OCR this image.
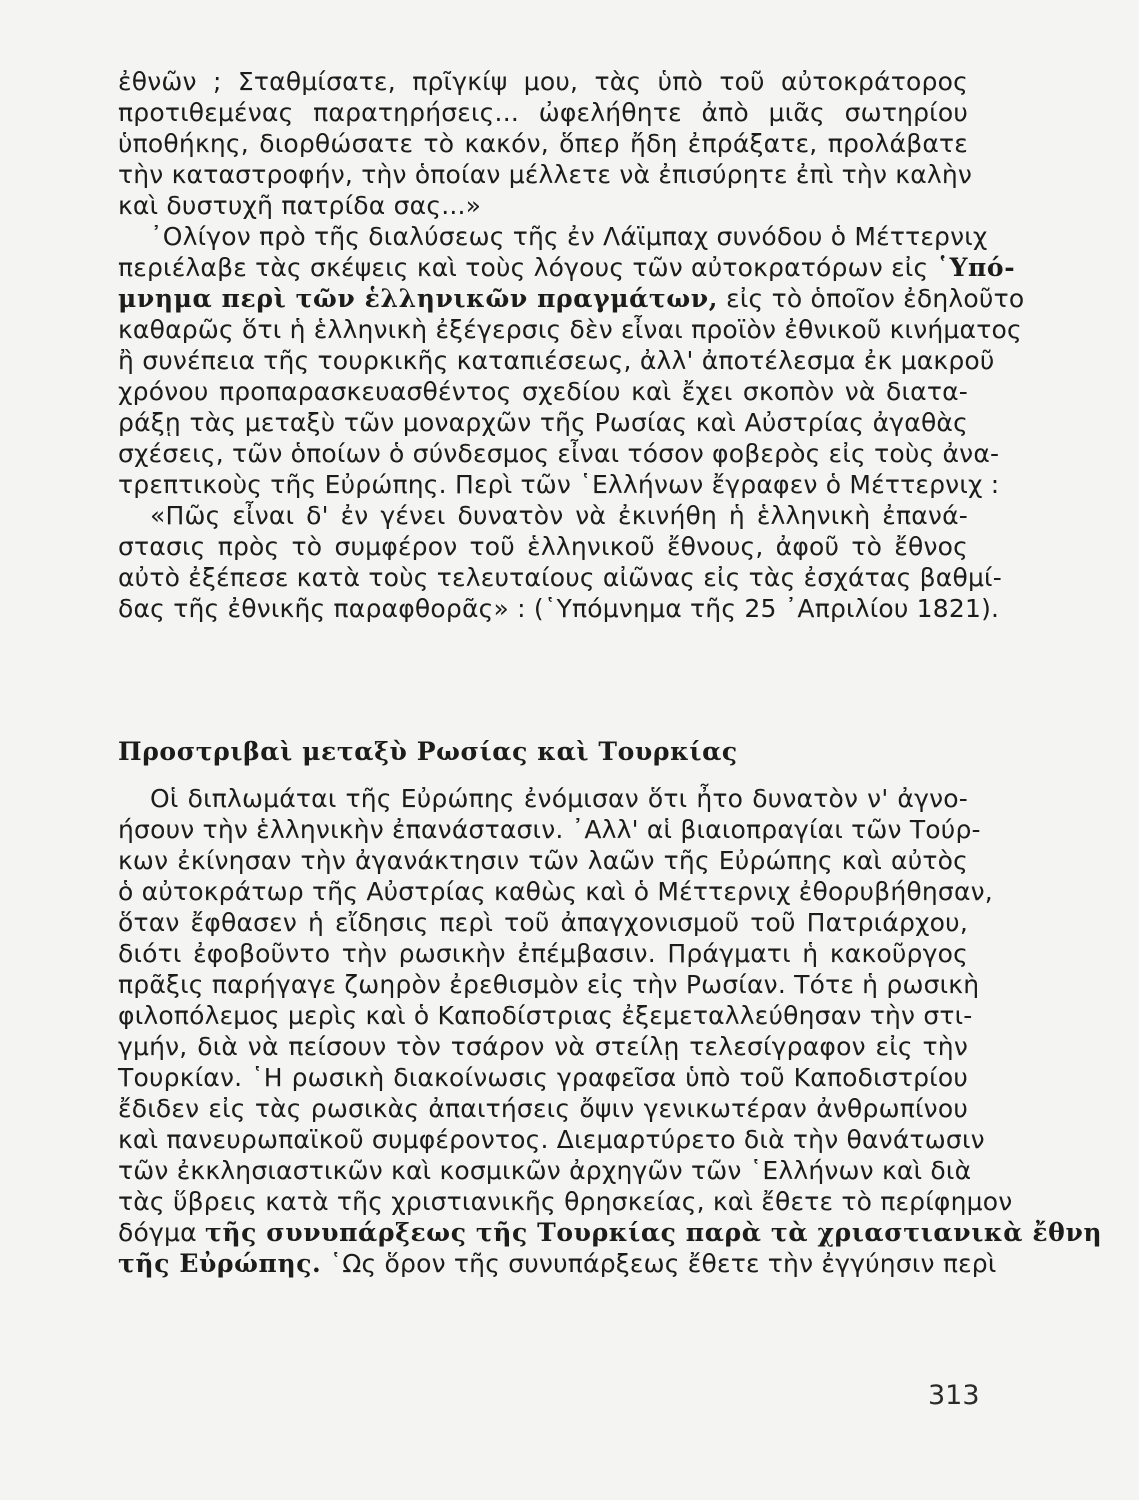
ἐθνῶν ; Σταθμίσατε, πρῖγκίψ μου, τὰς ὑπὸ τοῦ αὐτοκράτορος
προτιθεμένας παρατηρήσεις... ὠφελήθητε ἀπὸ μιᾶς σωτηρίου
ὑποθήκης, διορθώσατε τὸ κακόν, ὅπερ ἤδη ἐπράξατε, προλάβατε
τὴν καταστροφήν, τὴν ὁποίαν μέλλετε νὰ ἐπισύρητε ἐπὶ τὴν καλὴν
καὶ δυστυχῆ πατρίδα σας...»
᾿Ολίγον πρὸ τῆς διαλύσεως τῆς ἐν Λάϊμπαχ συνόδου ὁ Μέττερνιχ
περιέλαβε τὰς σκέψεις καὶ τοὺς λόγους τῶν αὐτοκρατόρων εἰς ῾Υπό-
μνημα περὶ τῶν ἑλληνικῶν πραγμάτων, εἰς τὸ ὁποῖον ἐδηλοῦτο
καθαρῶς ὅτι ἡ ἑλληνικὴ ἐξέγερσις δὲν εἶναι προϊὸν ἐθνικοῦ κινήματος
ἢ συνέπεια τῆς τουρκικῆς καταπιέσεως, ἀλλ' ἀποτέλεσμα ἐκ μακροῦ
χρόνου προπαρασκευασθέντος σχεδίου καὶ ἔχει σκοπὸν νὰ διατα-
ράξῃ τὰς μεταξὺ τῶν μοναρχῶν τῆς Ρωσίας καὶ Αὐστρίας ἀγαθὰς
σχέσεις, τῶν ὁποίων ὁ σύνδεσμος εἶναι τόσον φοβερὸς εἰς τοὺς ἀνα-
τρεπτικοὺς τῆς Εὐρώπης. Περὶ τῶν ῾Ελλήνων ἔγραφεν ὁ Μέττερνιχ :
«Πῶς εἶναι δ' ἐν γένει δυνατὸν νὰ ἐκινήθη ἡ ἑλληνικὴ ἐπανά-
στασις πρὸς τὸ συμφέρον τοῦ ἑλληνικοῦ ἔθνους, ἀφοῦ τὸ ἔθνος
αὐτὸ ἐξέπεσε κατὰ τοὺς τελευταίους αἰῶνας εἰς τὰς ἐσχάτας βαθμί-
δας τῆς ἐθνικῆς παραφθορᾶς» : (῾Υπόμνημα τῆς 25 ᾿Απριλίου 1821).
Προστριβαὶ μεταξὺ Ρωσίας καὶ Τουρκίας
Οἱ διπλωμάται τῆς Εὐρώπης ἐνόμισαν ὅτι ἦτο δυνατὸν ν' ἀγνο-
ήσουν τὴν ἑλληνικὴν ἐπανάστασιν. ᾿Αλλ' αἱ βιαιοπραγίαι τῶν Τούρ-
κων ἐκίνησαν τὴν ἀγανάκτησιν τῶν λαῶν τῆς Εὐρώπης καὶ αὐτὸς
ὁ αὐτοκράτωρ τῆς Αὐστρίας καθὼς καὶ ὁ Μέττερνιχ ἐθορυβήθησαν,
ὅταν ἔφθασεν ἡ εἴδησις περὶ τοῦ ἀπαγχονισμοῦ τοῦ Πατριάρχου,
διότι ἐφοβοῦντο τὴν ρωσικὴν ἐπέμβασιν. Πράγματι ἡ κακοῦργος
πρᾶξις παρήγαγε ζωηρὸν ἐρεθισμὸν εἰς τὴν Ρωσίαν. Τότε ἡ ρωσικὴ
φιλοπόλεμος μερὶς καὶ ὁ Καποδίστριας ἐξεμεταλλεύθησαν τὴν στι-
γμήν, διὰ νὰ πείσουν τὸν τσάρον νὰ στείλῃ τελεσίγραφον εἰς τὴν
Τουρκίαν. ῾Η ρωσικὴ διακοίνωσις γραφεῖσα ὑπὸ τοῦ Καποδιστρίου
ἔδιδεν εἰς τὰς ρωσικὰς ἀπαιτήσεις ὄψιν γενικωτέραν ἀνθρωπίνου
καὶ πανευρωπαϊκοῦ συμφέροντος. Διεμαρτύρετο διὰ τὴν θανάτωσιν
τῶν ἐκκλησιαστικῶν καὶ κοσμικῶν ἀρχηγῶν τῶν ῾Ελλήνων καὶ διὰ
τὰς ὕβρεις κατὰ τῆς χριστιανικῆς θρησκείας, καὶ ἔθετε τὸ περίφημον
δόγμα τῆς συνυπάρξεως τῆς Τουρκίας παρὰ τὰ χριαστιανικὰ ἔθνη
τῆς Εὐρώπης. ῾Ως ὅρον τῆς συνυπάρξεως ἔθετε τὴν ἐγγύησιν περὶ
313
